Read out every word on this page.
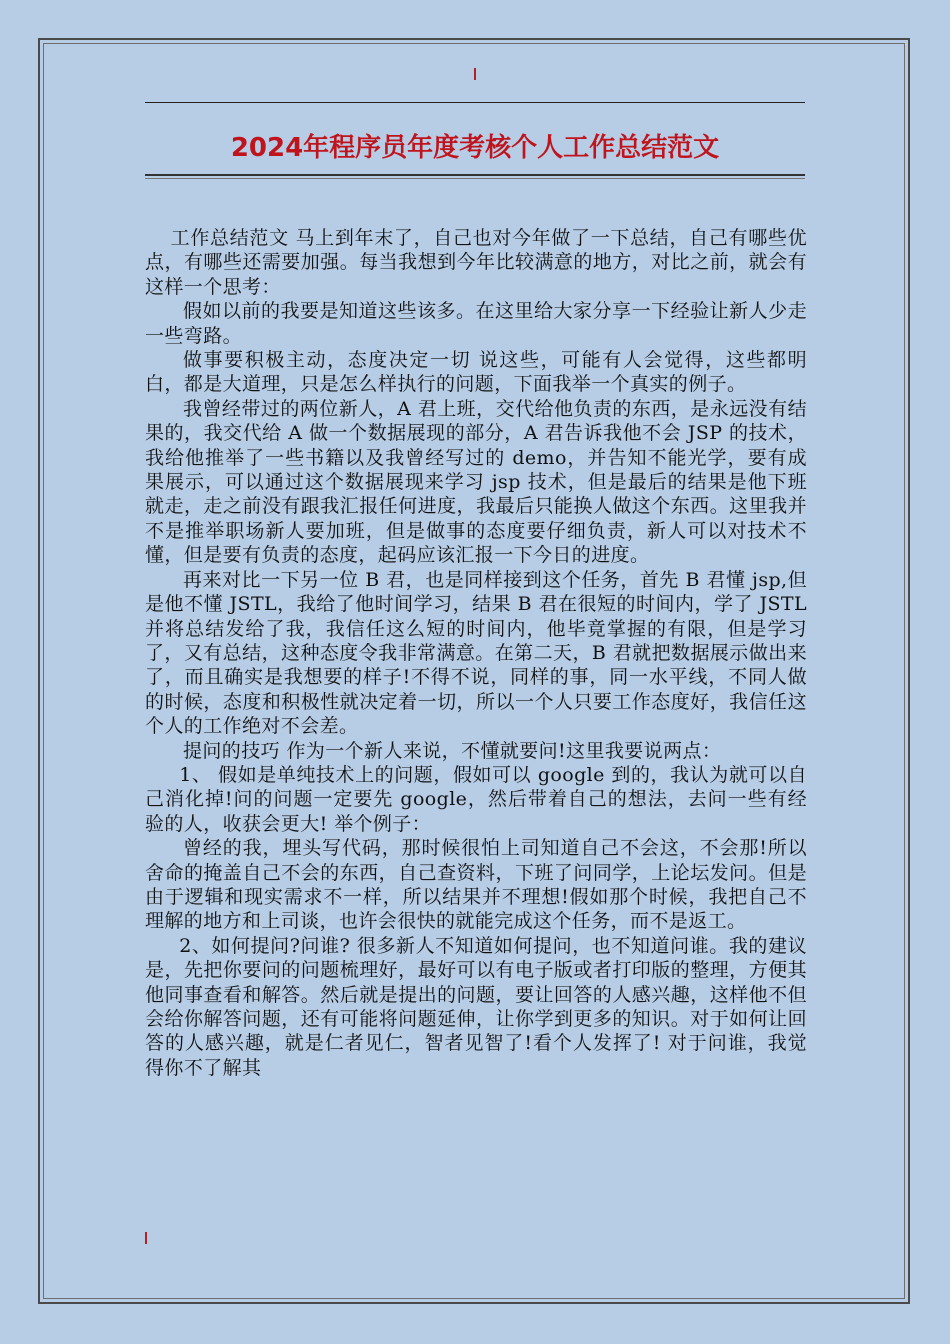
2024年程序员年度考核个人工作总结范文

工作总结范文 马上到年末了，自己也对今年做了一下总结，自己有哪些优点，有哪些还需要加强。每当我想到今年比较满意的地方，对比之前，就会有这样一个思考：

假如以前的我要是知道这些该多。在这里给大家分享一下经验让新人少走一些弯路。

做事要积极主动，态度决定一切 说这些，可能有人会觉得，这些都明白，都是大道理，只是怎么样执行的问题，下面我举一个真实的例子。

我曾经带过的两位新人，A 君上班，交代给他负责的东西，是永远没有结果的，我交代给 A 做一个数据展现的部分，A 君告诉我他不会 JSP 的技术，我给他推举了一些书籍以及我曾经写过的 demo，并告知不能光学，要有成果展示，可以通过这个数据展现来学习 jsp 技术，但是最后的结果是他下班就走，走之前没有跟我汇报任何进度，我最后只能换人做这个东西。这里我并不是推举职场新人要加班，但是做事的态度要仔细负责，新人可以对技术不懂，但是要有负责的态度，起码应该汇报一下今日的进度。

再来对比一下另一位 B 君，也是同样接到这个任务，首先 B 君懂 jsp,但是他不懂 JSTL，我给了他时间学习，结果 B 君在很短的时间内，学了 JSTL 并将总结发给了我，我信任这么短的时间内，他毕竟掌握的有限，但是学习了，又有总结，这种态度令我非常满意。在第二天，B 君就把数据展示做出来了，而且确实是我想要的样子!不得不说，同样的事，同一水平线，不同人做的时候，态度和积极性就决定着一切，所以一个人只要工作态度好，我信任这个人的工作绝对不会差。

提问的技巧 作为一个新人来说，不懂就要问!这里我要说两点：

1、 假如是单纯技术上的问题，假如可以 google 到的，我认为就可以自己消化掉!问的问题一定要先 google，然后带着自己的想法，去问一些有经验的人，收获会更大! 举个例子：

曾经的我，埋头写代码，那时候很怕上司知道自己不会这，不会那!所以舍命的掩盖自己不会的东西，自己查资料，下班了问同学，上论坛发问。但是由于逻辑和现实需求不一样，所以结果并不理想!假如那个时候，我把自己不理解的地方和上司谈，也许会很快的就能完成这个任务，而不是返工。

2、如何提问?问谁? 很多新人不知道如何提问，也不知道问谁。我的建议是，先把你要问的问题梳理好，最好可以有电子版或者打印版的整理，方便其他同事查看和解答。然后就是提出的问题，要让回答的人感兴趣，这样他不但会给你解答问题，还有可能将问题延伸，让你学到更多的知识。对于如何让回答的人感兴趣，就是仁者见仁，智者见智了!看个人发挥了! 对于问谁，我觉得你不了解其
